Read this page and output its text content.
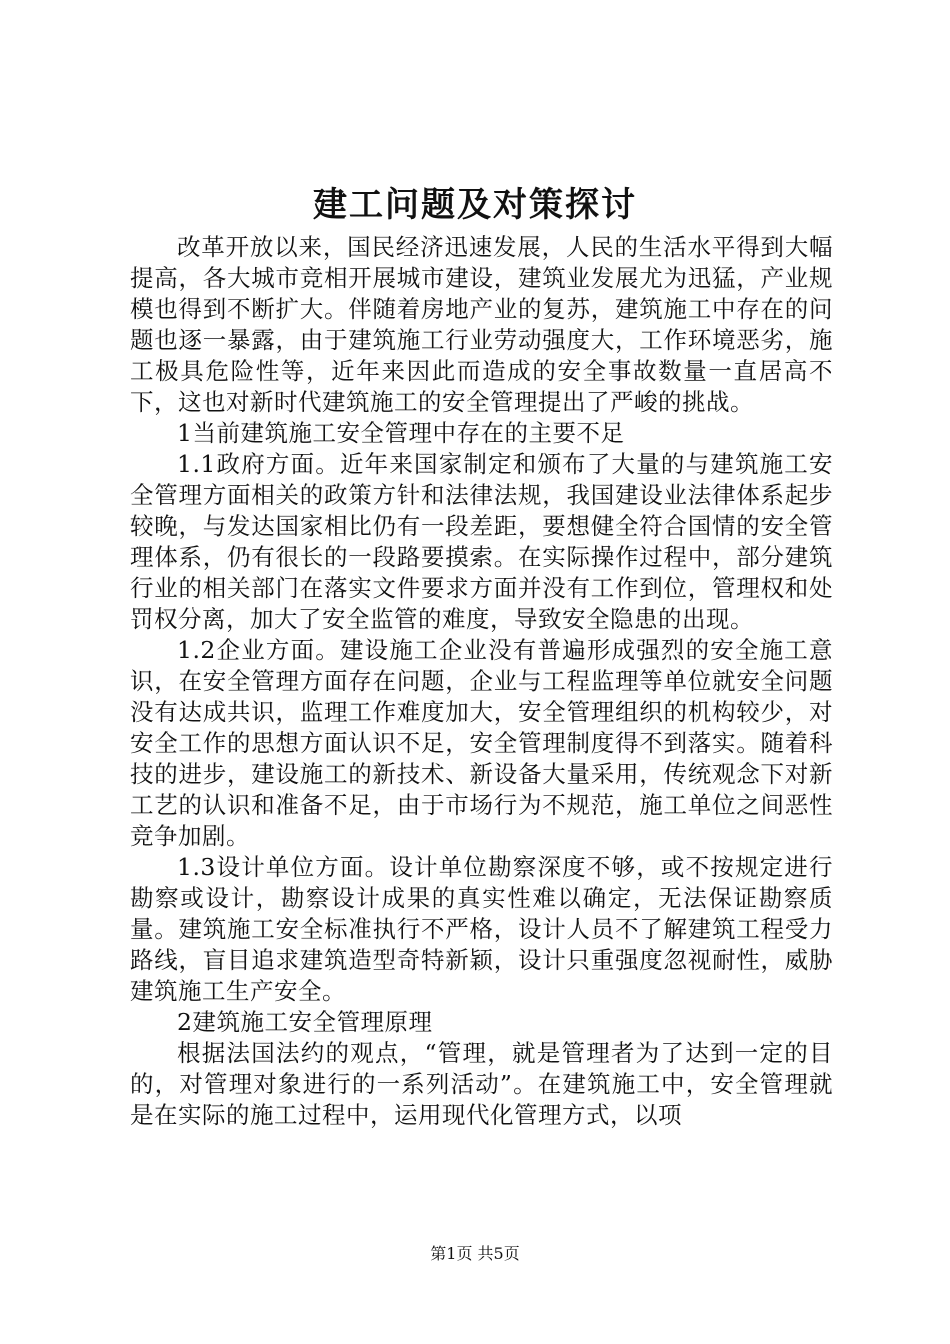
建工问题及对策探讨

改革开放以来，国民经济迅速发展，人民的生活水平得到大幅提高，各大城市竞相开展城市建设，建筑业发展尤为迅猛，产业规模也得到不断扩大。伴随着房地产业的复苏，建筑施工中存在的问题也逐一暴露，由于建筑施工行业劳动强度大，工作环境恶劣，施工极具危险性等，近年来因此而造成的安全事故数量一直居高不下，这也对新时代建筑施工的安全管理提出了严峻的挑战。

1当前建筑施工安全管理中存在的主要不足

1.1政府方面。近年来国家制定和颁布了大量的与建筑施工安全管理方面相关的政策方针和法律法规，我国建设业法律体系起步较晚，与发达国家相比仍有一段差距，要想健全符合国情的安全管理体系，仍有很长的一段路要摸索。在实际操作过程中，部分建筑行业的相关部门在落实文件要求方面并没有工作到位，管理权和处罚权分离，加大了安全监管的难度，导致安全隐患的出现。

1.2企业方面。建设施工企业没有普遍形成强烈的安全施工意识，在安全管理方面存在问题，企业与工程监理等单位就安全问题没有达成共识，监理工作难度加大，安全管理组织的机构较少，对安全工作的思想方面认识不足，安全管理制度得不到落实。随着科技的进步，建设施工的新技术、新设备大量采用，传统观念下对新工艺的认识和准备不足，由于市场行为不规范，施工单位之间恶性竞争加剧。

1.3设计单位方面。设计单位勘察深度不够，或不按规定进行勘察或设计，勘察设计成果的真实性难以确定，无法保证勘察质量。建筑施工安全标准执行不严格，设计人员不了解建筑工程受力路线，盲目追求建筑造型奇特新颖，设计只重强度忽视耐性，威胁建筑施工生产安全。

2建筑施工安全管理原理

根据法国法约的观点，“管理，就是管理者为了达到一定的目的，对管理对象进行的一系列活动”。在建筑施工中，安全管理就是在实际的施工过程中，运用现代化管理方式，以项

第1页 共5页
